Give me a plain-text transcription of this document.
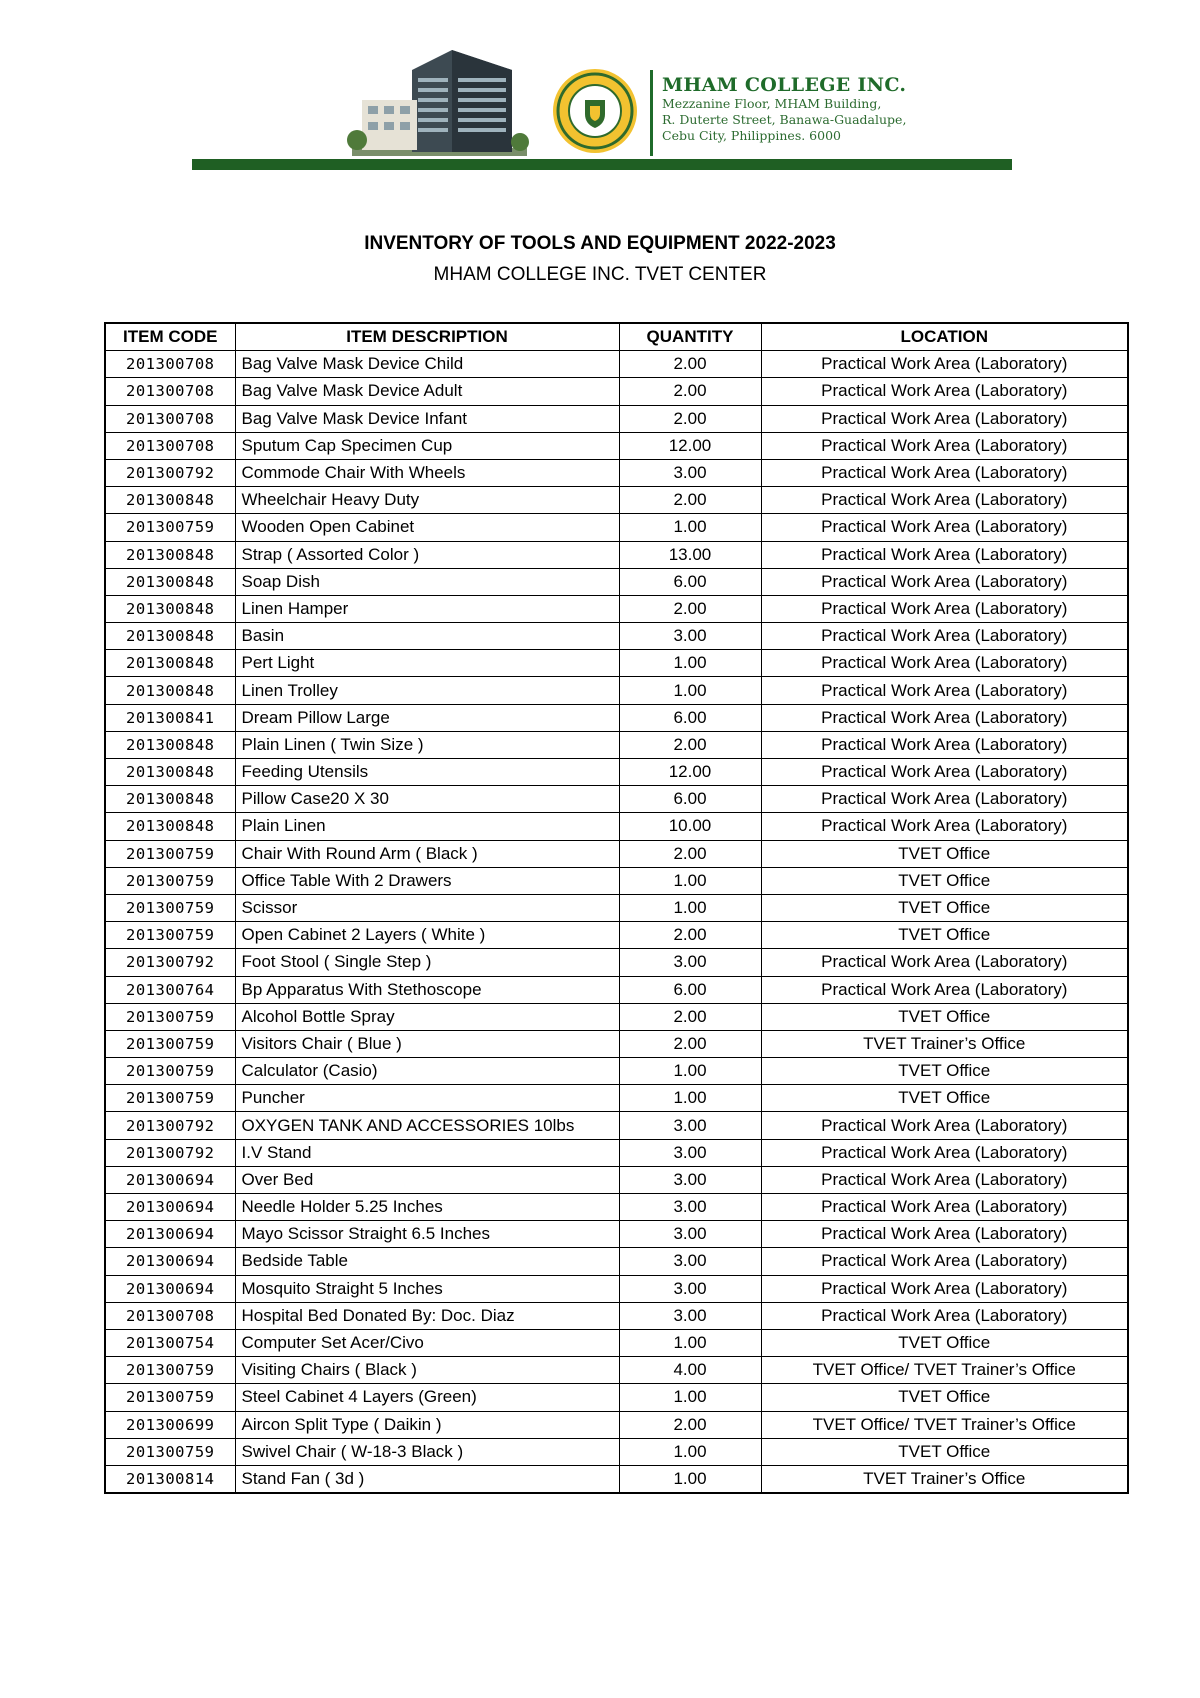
MHAM COLLEGE INC.
Mezzanine Floor, MHAM Building,
R. Duterte Street, Banawa-Guadalupe,
Cebu City, Philippines. 6000
INVENTORY OF TOOLS AND EQUIPMENT 2022-2023
MHAM COLLEGE INC. TVET CENTER
ITEM CODE	ITEM DESCRIPTION	QUANTITY	LOCATION
201300708	Bag Valve Mask Device Child	2.00	Practical Work Area (Laboratory)
201300708	Bag Valve Mask Device Adult	2.00	Practical Work Area (Laboratory)
201300708	Bag Valve Mask Device Infant	2.00	Practical Work Area (Laboratory)
201300708	Sputum Cap Specimen Cup	12.00	Practical Work Area (Laboratory)
201300792	Commode Chair With Wheels	3.00	Practical Work Area (Laboratory)
201300848	Wheelchair Heavy Duty	2.00	Practical Work Area (Laboratory)
201300759	Wooden Open Cabinet	1.00	Practical Work Area (Laboratory)
201300848	Strap ( Assorted Color )	13.00	Practical Work Area (Laboratory)
201300848	Soap Dish	6.00	Practical Work Area (Laboratory)
201300848	Linen Hamper	2.00	Practical Work Area (Laboratory)
201300848	Basin	3.00	Practical Work Area (Laboratory)
201300848	Pert Light	1.00	Practical Work Area (Laboratory)
201300848	Linen Trolley	1.00	Practical Work Area (Laboratory)
201300841	Dream Pillow Large	6.00	Practical Work Area (Laboratory)
201300848	Plain Linen ( Twin Size )	2.00	Practical Work Area (Laboratory)
201300848	Feeding Utensils	12.00	Practical Work Area (Laboratory)
201300848	Pillow Case20 X 30	6.00	Practical Work Area (Laboratory)
201300848	Plain Linen	10.00	Practical Work Area (Laboratory)
201300759	Chair With Round Arm ( Black )	2.00	TVET Office
201300759	Office Table With 2 Drawers	1.00	TVET Office
201300759	Scissor	1.00	TVET Office
201300759	Open Cabinet 2 Layers ( White )	2.00	TVET Office
201300792	Foot Stool ( Single Step )	3.00	Practical Work Area (Laboratory)
201300764	Bp Apparatus With Stethoscope	6.00	Practical Work Area (Laboratory)
201300759	Alcohol Bottle Spray	2.00	TVET Office
201300759	Visitors Chair ( Blue )	2.00	TVET Trainer’s Office
201300759	Calculator (Casio)	1.00	TVET Office
201300759	Puncher	1.00	TVET Office
201300792	OXYGEN TANK AND ACCESSORIES 10lbs	3.00	Practical Work Area (Laboratory)
201300792	I.V Stand	3.00	Practical Work Area (Laboratory)
201300694	Over Bed	3.00	Practical Work Area (Laboratory)
201300694	Needle Holder 5.25 Inches	3.00	Practical Work Area (Laboratory)
201300694	Mayo Scissor Straight 6.5 Inches	3.00	Practical Work Area (Laboratory)
201300694	Bedside Table	3.00	Practical Work Area (Laboratory)
201300694	Mosquito Straight 5 Inches	3.00	Practical Work Area (Laboratory)
201300708	Hospital Bed Donated By: Doc. Diaz	3.00	Practical Work Area (Laboratory)
201300754	Computer Set Acer/Civo	1.00	TVET Office
201300759	Visiting Chairs ( Black )	4.00	TVET Office/ TVET Trainer’s Office
201300759	Steel Cabinet 4 Layers (Green)	1.00	TVET Office
201300699	Aircon Split Type ( Daikin )	2.00	TVET Office/ TVET Trainer’s Office
201300759	Swivel Chair ( W-18-3 Black )	1.00	TVET Office
201300814	Stand Fan ( 3d )	1.00	TVET Trainer’s Office
